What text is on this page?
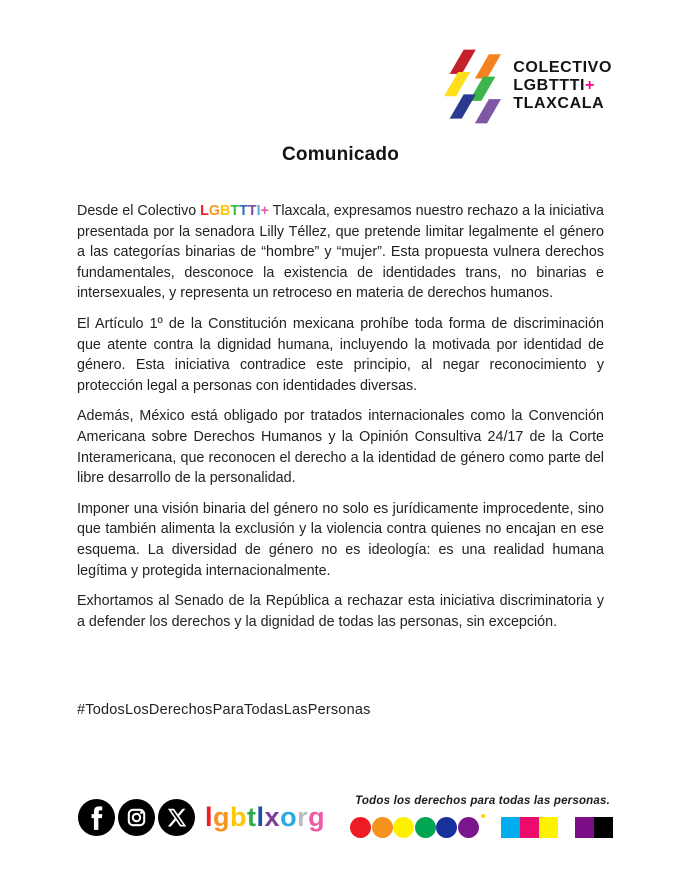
COLECTIVO
LGBTTTI+
TLAXCALA
Comunicado

Desde el Colectivo LGBTTTI+ Tlaxcala, expresamos nuestro rechazo a la iniciativa presentada por la senadora Lilly Téllez, que pretende limitar legalmente el género a las categorías binarias de “hombre” y “mujer”. Esta propuesta vulnera derechos fundamentales, desconoce la existencia de identidades trans, no binarias e intersexuales, y representa un retroceso en materia de derechos humanos.

El Artículo 1º de la Constitución mexicana prohíbe toda forma de discriminación que atente contra la dignidad humana, incluyendo la motivada por identidad de género. Esta iniciativa contradice este principio, al negar reconocimiento y protección legal a personas con identidades diversas.

Además, México está obligado por tratados internacionales como la Convención Americana sobre Derechos Humanos y la Opinión Consultiva 24/17 de la Corte Interamericana, que reconocen el derecho a la identidad de género como parte del libre desarrollo de la personalidad.

Imponer una visión binaria del género no solo es jurídicamente improcedente, sino que también alimenta la exclusión y la violencia contra quienes no encajan en ese esquema. La diversidad de género no es ideología: es una realidad humana legítima y protegida internacionalmente.

Exhortamos al Senado de la República a rechazar esta iniciativa discriminatoria y a defender los derechos y la dignidad de todas las personas, sin excepción.

#TodosLosDerechosParaTodasLasPersonas
lgbtlxorg
Todos los derechos para todas las personas.
